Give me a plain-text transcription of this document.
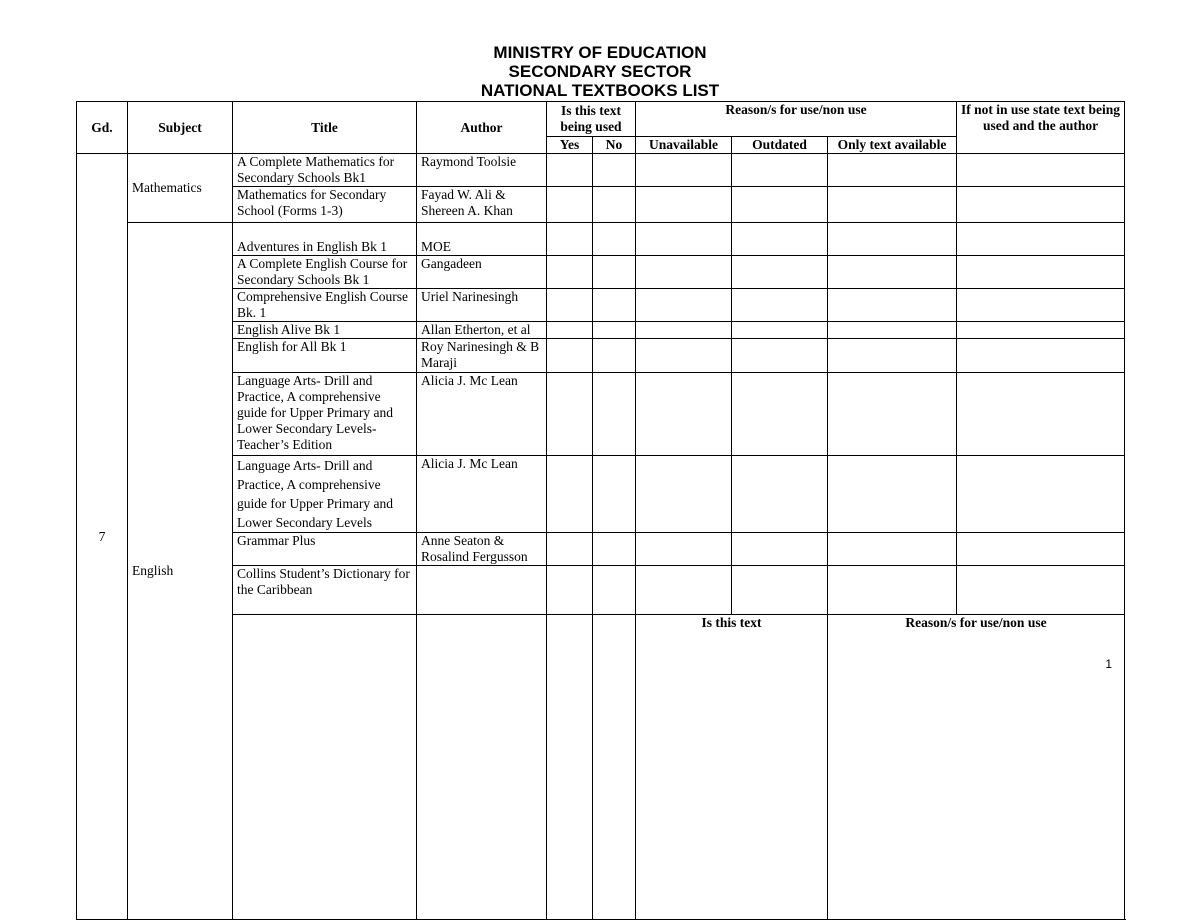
MINISTRY OF EDUCATION
SECONDARY SECTOR
NATIONAL TEXTBOOKS LIST
Gd.	Subject	Title	Author	Is this text being used		Reason/s for use/non use			If not in use state text being used and the author	
				Yes	No	Unavailable	Outdated	Only text available		
7	Mathematics	A Complete Mathematics for Secondary Schools Bk1	Raymond Toolsie							
		Mathematics for Secondary School (Forms 1-3)	Fayad W. Ali & Shereen A. Khan							
	English	Adventures in English Bk 1	MOE							
		A Complete English Course for Secondary Schools Bk 1	Gangadeen							
		Comprehensive English Course Bk. 1	Uriel Narinesingh							
		English Alive Bk 1	Allan Etherton, et al							
		English for All Bk 1	Roy Narinesingh & B Maraji							
		Language Arts- Drill and Practice, A comprehensive guide for Upper Primary and Lower Secondary Levels- Teacher’s Edition	Alicia J. Mc Lean							
		Language Arts- Drill and Practice, A comprehensive guide for Upper Primary and Lower Secondary Levels	Alicia J. Mc Lean							
		Grammar Plus	Anne Seaton & Rosalind Fergusson							
		Collins Student’s Dictionary for the Caribbean								
						Is this text		Reason/s for use/non use	
1
